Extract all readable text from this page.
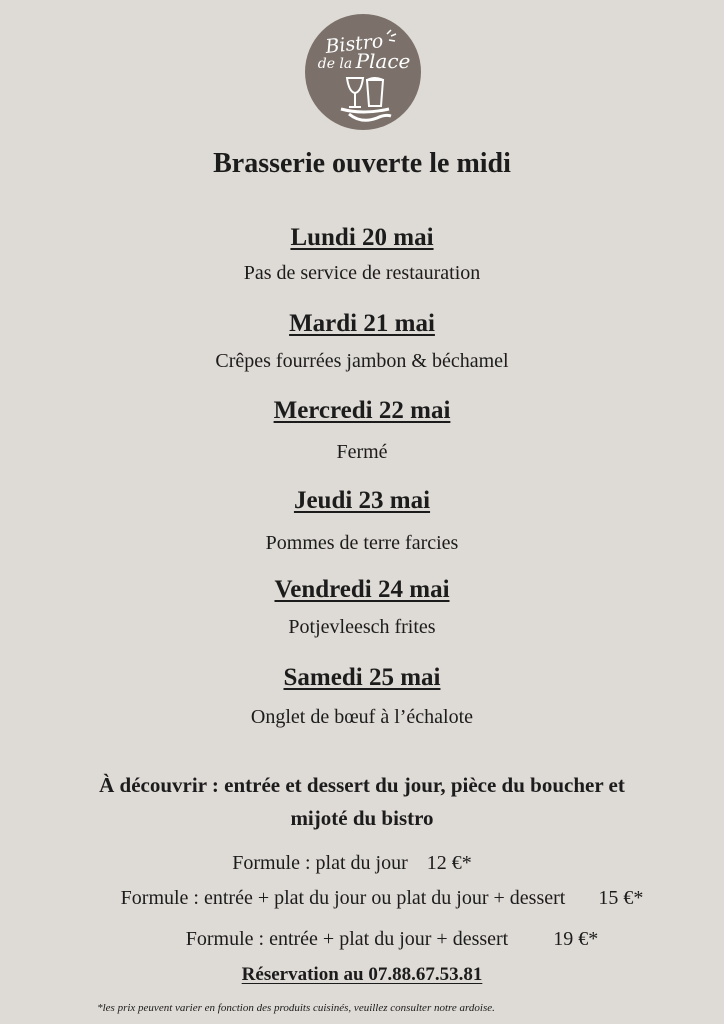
Bistro
de la Place
Brasserie ouverte le midi
Lundi 20 mai
Pas de service de restauration
Mardi 21 mai
Crêpes fourrées jambon & béchamel
Mercredi 22 mai
Fermé
Jeudi 23 mai
Pommes de terre farcies
Vendredi 24 mai
Potjevleesch frites
Samedi 25 mai
Onglet de bœuf à l’échalote
À découvrir : entrée et dessert du jour, pièce du boucher et
mijoté du bistro
Formule : plat du jour 12 €*
Formule : entrée + plat du jour ou plat du jour + dessert 15 €*
Formule : entrée + plat du jour + dessert 19 €*
Réservation au 07.88.67.53.81
*les prix peuvent varier en fonction des produits cuisinés, veuillez consulter notre ardoise.
